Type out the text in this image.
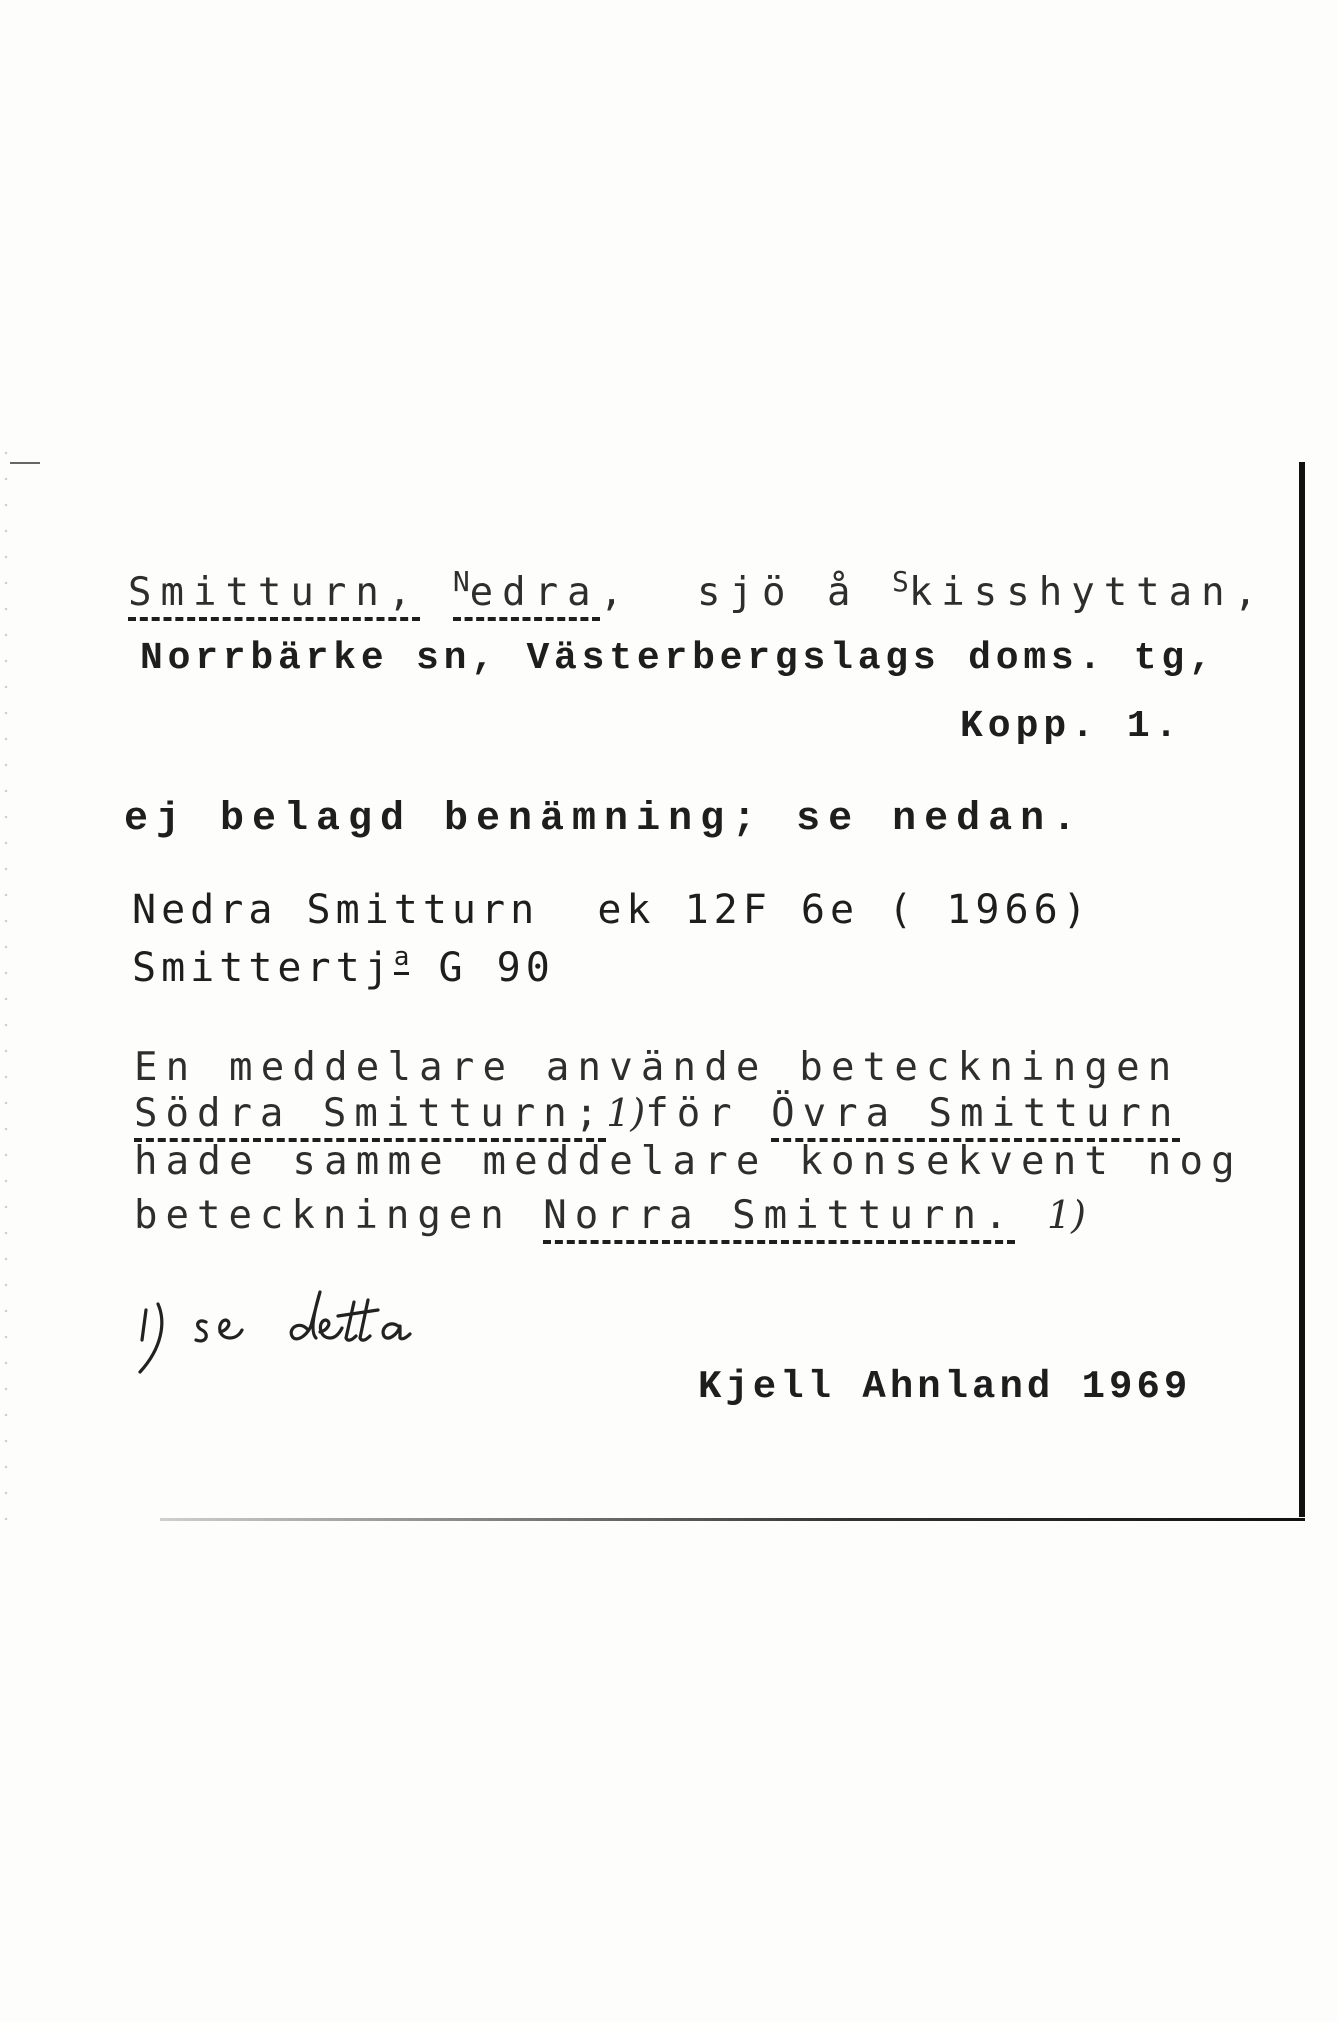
Smitturn, $^N$edra, sjö å $^S$kisshyttan,
Norrbärke sn, Västerbergslags doms. tg,
Kopp. 1.
ej belagd benämning; se nedan.
Nedra Smitturn ek 12F 6e ( 1966)
Smittertj$^a$ G 90
En meddelare använde beteckningen
Södra Smitturn;1)för Övra Smitturn
hade samme meddelare konsekvent nog
beteckningen Norra Smitturn. 1)
Kjell Ahnland 1969
